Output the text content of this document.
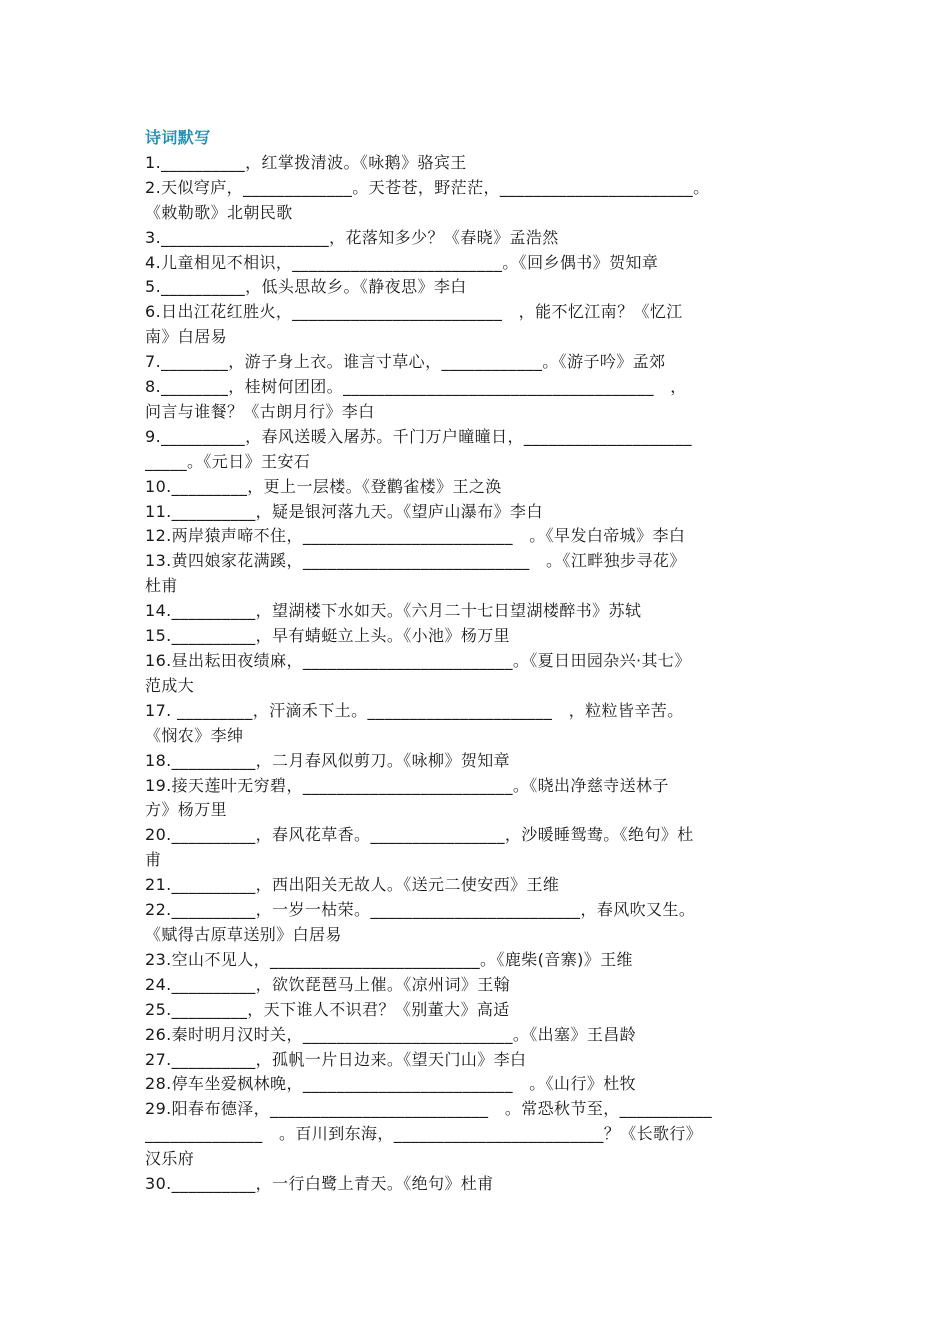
诗词默写
1.__________，红掌拨清波。《咏鹅》骆宾王
2.天似穹庐，_____________。天苍苍，野茫茫，_______________________。
《敕勒歌》北朝民歌
3.____________________，花落知多少？《春晓》孟浩然
4.儿童相见不相识，_________________________。《回乡偶书》贺知章
5.__________，低头思故乡。《静夜思》李白
6.日出江花红胜火，_________________________　，能不忆江南？《忆江
南》白居易
7.________，游子身上衣。谁言寸草心，____________。《游子吟》孟郊
8.________，桂树何团团。_____________________________________　，
问言与谁餐？《古朗月行》李白
9.__________，春风送暖入屠苏。千门万户曈曈日，____________________
_____。《元日》王安石
10._________，更上一层楼。《登鹳雀楼》王之涣
11.__________，疑是银河落九天。《望庐山瀑布》李白
12.两岸猿声啼不住，_________________________　。《早发白帝城》李白
13.黄四娘家花满蹊，___________________________　。《江畔独步寻花》
杜甫
14.__________，望湖楼下水如天。《六月二十七日望湖楼醉书》苏轼
15.__________，早有蜻蜓立上头。《小池》杨万里
16.昼出耘田夜绩麻，_________________________。《夏日田园杂兴·其七》
范成大
17. _________，汗滴禾下土。______________________　，粒粒皆辛苦。
《悯农》李绅
18.__________，二月春风似剪刀。《咏柳》贺知章
19.接天莲叶无穷碧，_________________________。《晓出净慈寺送林子
方》杨万里
20.__________，春风花草香。________________，沙暖睡鸳鸯。《绝句》杜
甫
21.__________，西出阳关无故人。《送元二使安西》王维
22.__________，一岁一枯荣。_________________________，春风吹又生。
《赋得古原草送别》白居易
23.空山不见人，_________________________。《鹿柴(音寨)》王维
24.__________，欲饮琵琶马上催。《凉州词》王翰
25._________，天下谁人不识君？《别董大》高适
26.秦时明月汉时关，_________________________。《出塞》王昌龄
27.__________，孤帆一片日边来。《望天门山》李白
28.停车坐爱枫林晚，_________________________　。《山行》杜牧
29.阳春布德泽，__________________________　。常恐秋节至，___________
______________　。百川到东海，_________________________？《长歌行》
汉乐府
30.__________，一行白鹭上青天。《绝句》杜甫
